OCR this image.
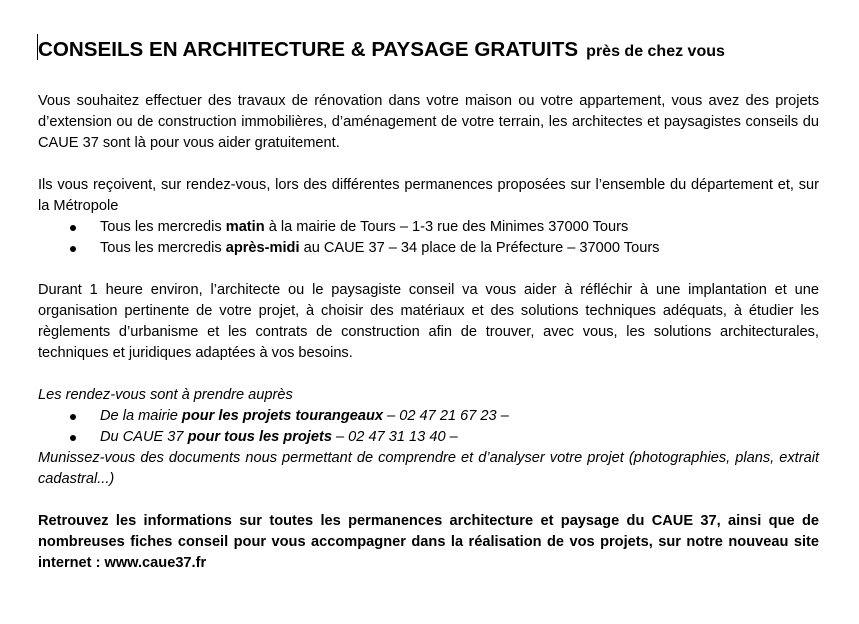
CONSEILS EN ARCHITECTURE & PAYSAGE GRATUITS près de chez vous

Vous souhaitez effectuer des travaux de rénovation dans votre maison ou votre appartement, vous avez des projets d’extension ou de construction immobilières, d’aménagement de votre terrain, les architectes et paysagistes conseils du CAUE 37 sont là pour vous aider gratuitement.

Ils vous reçoivent, sur rendez-vous, lors des différentes permanences proposées sur l’ensemble du département et, sur la Métropole

Tous les mercredis matin à la mairie de Tours – 1-3 rue des Minimes 37000 Tours
Tous les mercredis après-midi au CAUE 37 – 34 place de la Préfecture – 37000 Tours

Durant 1 heure environ, l’architecte ou le paysagiste conseil va vous aider à réfléchir à une implantation et une organisation pertinente de votre projet, à choisir des matériaux et des solutions techniques adéquats, à étudier les règlements d’urbanisme et les contrats de construction afin de trouver, avec vous, les solutions architecturales, techniques et juridiques adaptées à vos besoins.

Les rendez-vous sont à prendre auprès

De la mairie pour les projets tourangeaux – 02 47 21 67 23 –
Du CAUE 37 pour tous les projets – 02 47 31 13 40 –

Munissez-vous des documents nous permettant de comprendre et d’analyser votre projet (photographies, plans, extrait cadastral...)

Retrouvez les informations sur toutes les permanences architecture et paysage du CAUE 37, ainsi que de nombreuses fiches conseil pour vous accompagner dans la réalisation de vos projets, sur notre nouveau site internet : www.caue37.fr
